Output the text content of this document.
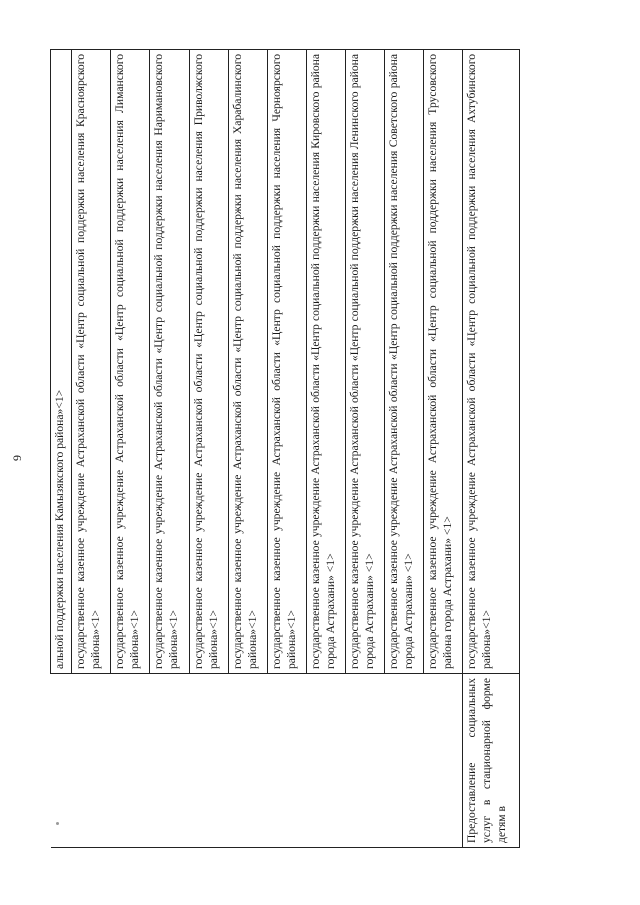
9
		альной поддержки населения Камызякского района»<1>
	государственное казенное учреждение Астраханской области «Центр социальной поддержки населения Красноярского района»<1>
	государственное казенное учреждение Астраханской области «Центр социальной поддержки населения Лиманского района»<1>
	государственное казенное учреждение Астраханской области «Центр социальной поддержки населения Наримановского района»<1>
	государственное казенное учреждение Астраханской области «Центр социальной поддержки населения Приволжского района»<1>
	государственное казенное учреждение Астраханской области «Центр социальной поддержки населения Харабалинского района»<1>
	государственное казенное учреждение Астраханской области «Центр социальной поддержки населения Черноярского района»<1>
	государственное казенное учреждение Астраханской области «Центр социальной поддержки населения Кировского района города Астрахани» <1>
	государственное казенное учреждение Астраханской области «Центр социальной поддержки населения Ленинского района города Астрахани» <1>
	государственное казенное учреждение Астраханской области «Центр социальной поддержки населения Советского района города Астрахани» <1>
	государственное казенное учреждение Астраханской области «Центр социальной поддержки населения Трусовского района города Астрахани» <1>
Предоставление социальных услуг в стационарной форме детям в	государственное казенное учреждение Астраханской области «Центр социальной поддержки населения Ахтубинского района»<1>
